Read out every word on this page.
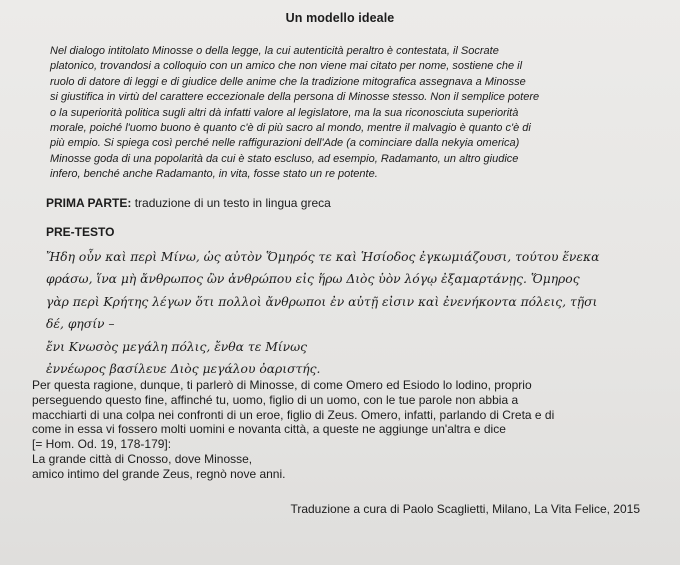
Un modello ideale
Nel dialogo intitolato Minosse o della legge, la cui autenticità peraltro è contestata, il Socrate
platonico, trovandosi a colloquio con un amico che non viene mai citato per nome, sostiene che il
ruolo di datore di leggi e di giudice delle anime che la tradizione mitografica assegnava a Minosse
si giustifica in virtù del carattere eccezionale della persona di Minosse stesso. Non il semplice potere
o la superiorità politica sugli altri dà infatti valore al legislatore, ma la sua riconosciuta superiorità
morale, poiché l'uomo buono è quanto c'è di più sacro al mondo, mentre il malvagio è quanto c'è di
più empio. Si spiega così perché nelle raffigurazioni dell'Ade (a cominciare dalla nekyia omerica)
Minosse goda di una popolarità da cui è stato escluso, ad esempio, Radamanto, un altro giudice
infero, benché anche Radamanto, in vita, fosse stato un re potente.
PRIMA PARTE: traduzione di un testo in lingua greca
PRE-TESTO
Ἤδη οὖν καὶ περὶ Μίνω, ὡς αὐτὸν Ὅμηρός τε καὶ Ἡσίοδος ἐγκωμιάζουσι, τούτου ἕνεκα
φράσω, ἵνα μὴ ἄνθρωπος ὢν ἀνθρώπου εἰς ἥρω Διὸς ὑὸν λόγῳ ἐξαμαρτάνῃς. Ὅμηρος
γὰρ περὶ Κρήτης λέγων ὅτι πολλοὶ ἄνθρωποι ἐν αὐτῇ εἰσιν καὶ ἐνενήκοντα πόλεις, τῇσι
δέ, φησίν –
ἔνι Κνωσὸς μεγάλη πόλις, ἔνθα τε Μίνως
ἐννέωρος βασίλευε Διὸς μεγάλου ὀαριστής.
Per questa ragione, dunque, ti parlerò di Minosse, di come Omero ed Esiodo lo lodino, proprio
perseguendo questo fine, affinché tu, uomo, figlio di un uomo, con le tue parole non abbia a
macchiarti di una colpa nei confronti di un eroe, figlio di Zeus. Omero, infatti, parlando di Creta e di
come in essa vi fossero molti uomini e novanta città, a queste ne aggiunge un'altra e dice
[= Hom. Od. 19, 178-179]:
La grande città di Cnosso, dove Minosse,
amico intimo del grande Zeus, regnò nove anni.
Traduzione a cura di Paolo Scaglietti, Milano, La Vita Felice, 2015
